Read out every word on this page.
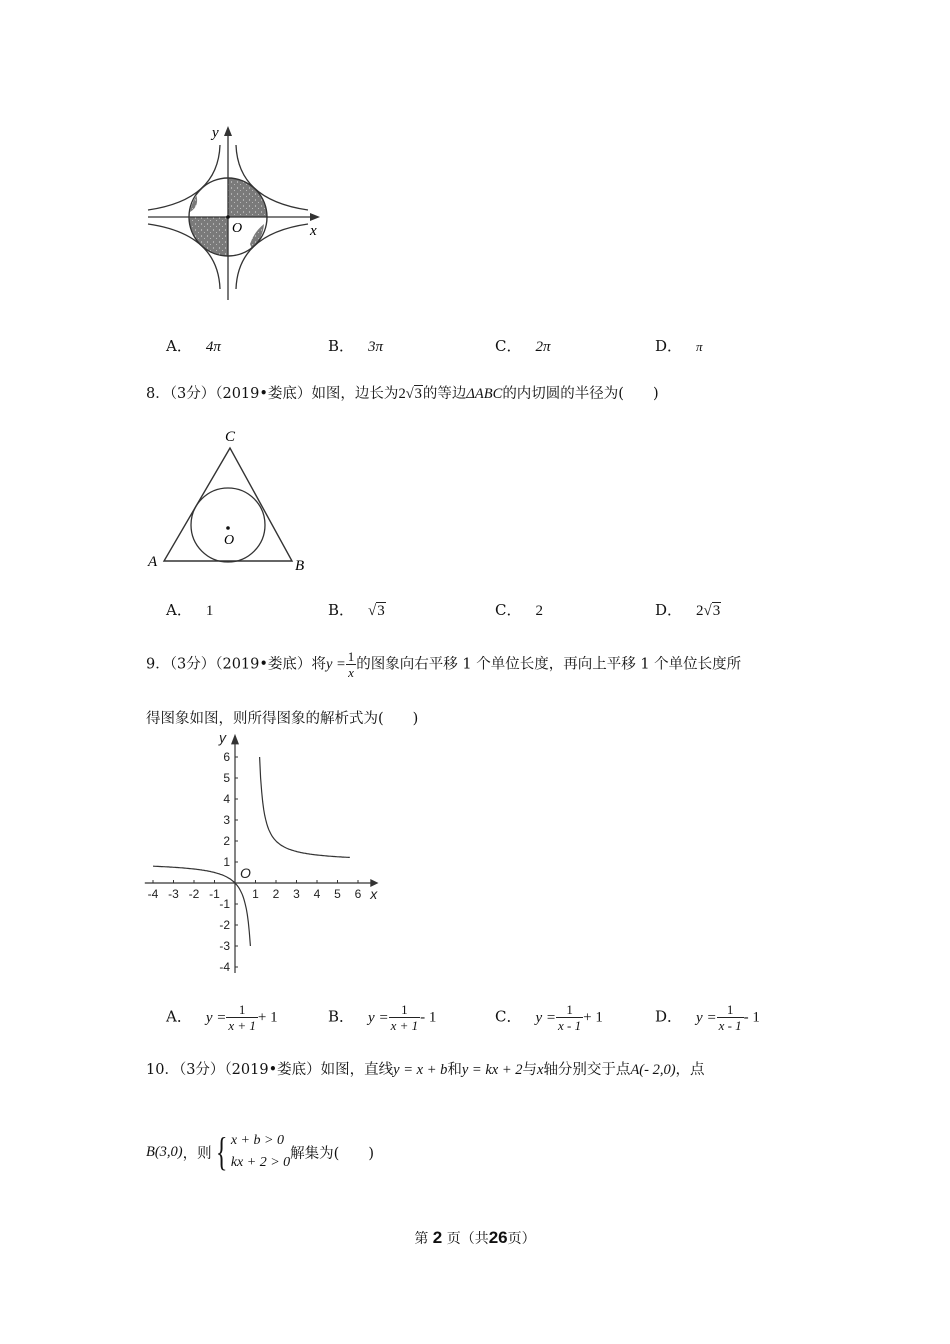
y
x
O
A． 4π	B． 3π	C． 2π	D． π
8．（3分）（2019•娄底）如图，边长为2√3的等边ΔABC的内切圆的半径为(　　)
C
A	B
O
A． 1	B． √3	C． 2	D． 2√3
9．（3分）（2019•娄底）将$y = \frac{1}{x}$ 的图象向右平移 1 个单位长度，再向上平移 1 个单位长度所
得图象如图，则所得图象的解析式为(　　)
-4 -3 -2 -1	1 2 3 4 5 6
6
5
4
3
2
1
-1
-2
-3
-4
x
y
O
A． $y = \frac{1}{x + 1} + 1$	B． $y = \frac{1}{x + 1} - 1$	C． $y = \frac{1}{x - 1} + 1$	D． $y = \frac{1}{x - 1} - 1$
10．（3分）（2019•娄底）如图，直线y = x + b和y = kx + 2与x轴分别交于点A(- 2,0)，点
B(3,0) ，则 { x + b > 0
kx + 2 > 0
解集为(　　)
第 2 页（共26页）
